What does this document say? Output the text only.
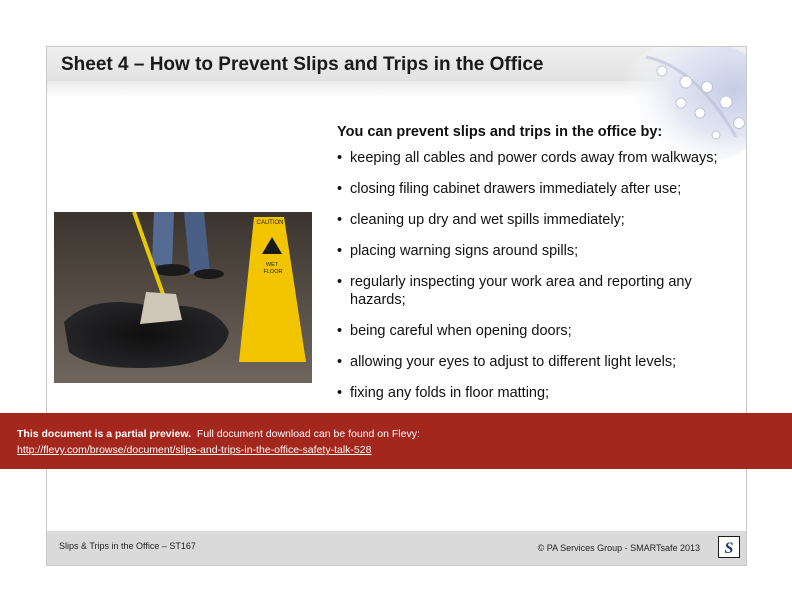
Sheet 4 – How to Prevent Slips and Trips in the Office
You can prevent slips and trips in the office by:
• keeping all cables and power cords away from walkways;
• closing filing cabinet drawers immediately after use;
• cleaning up dry and wet spills immediately;
• placing warning signs around spills;
• regularly inspecting your work area and reporting any hazards;
• being careful when opening doors;
• allowing your eyes to adjust to different light levels;
• fixing any folds in floor matting;
•
•
CAUTION
WET
FLOOR
Slips & Trips in the Office – ST167	© PA Services Group - SMARTsafe 2013 S
This document is a partial preview. Full document download can be found on Flevy:
http://flevy.com/browse/document/slips-and-trips-in-the-office-safety-talk-528
